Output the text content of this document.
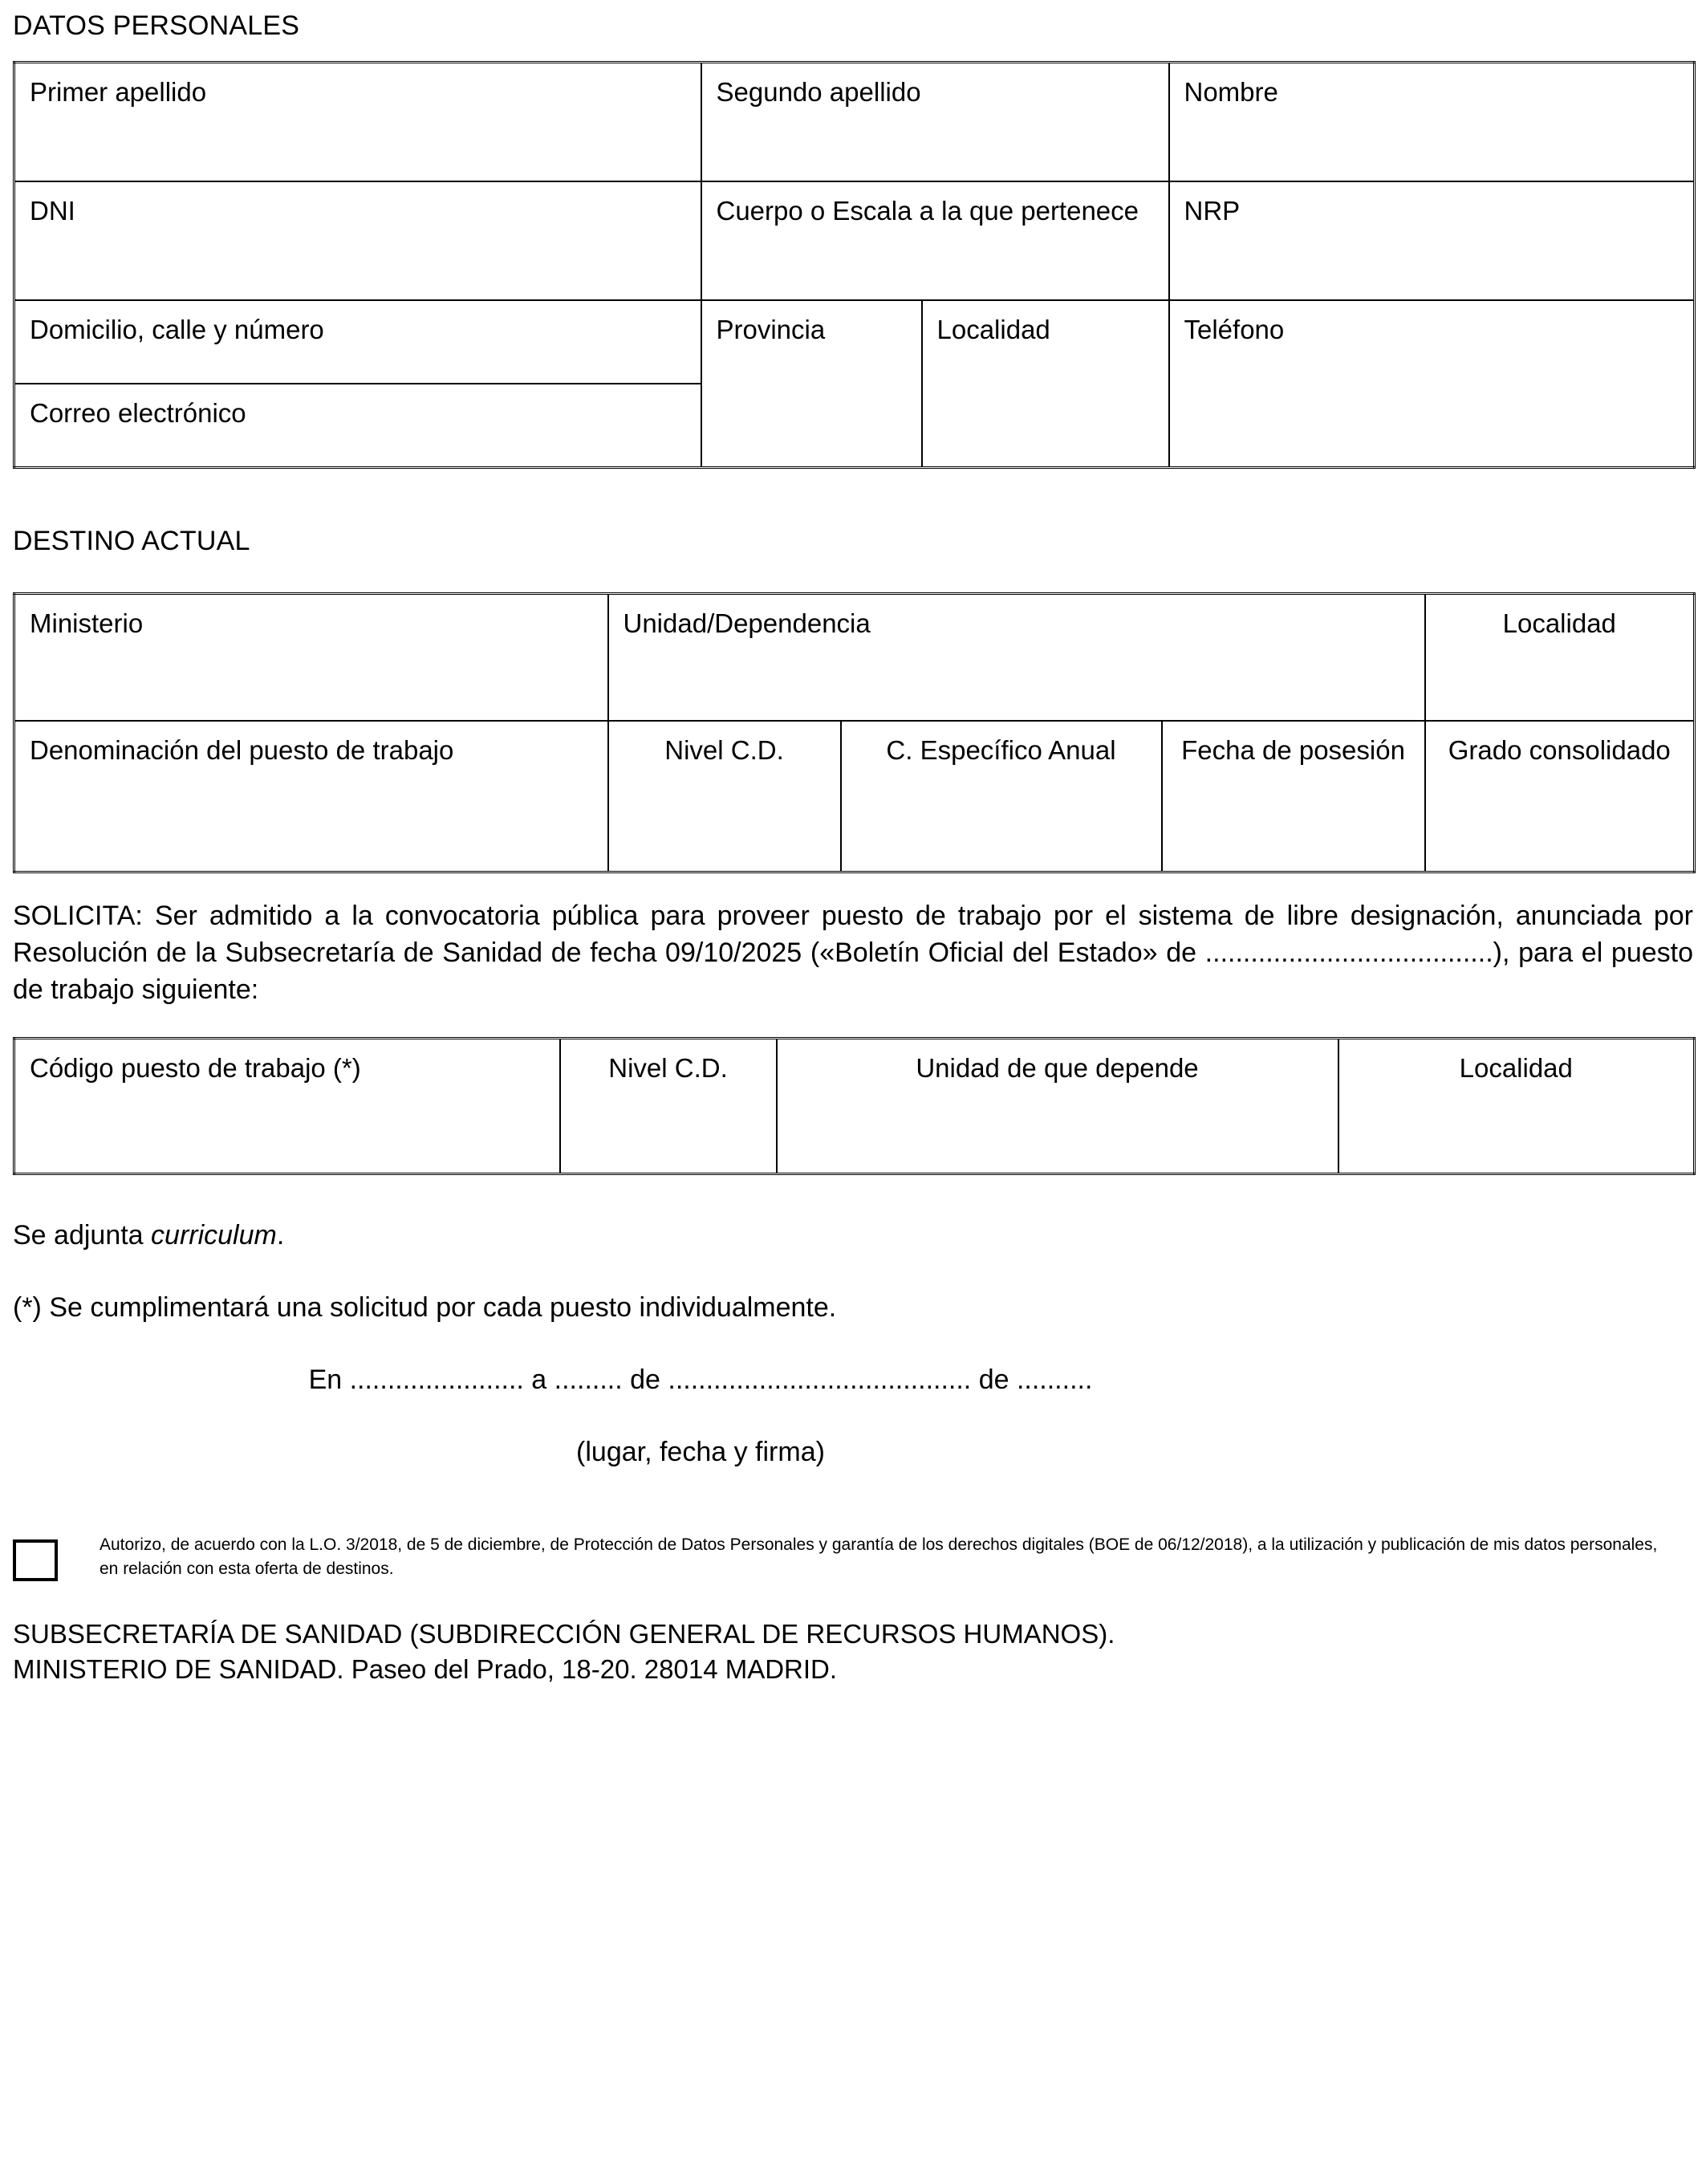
DATOS PERSONALES
Primer apellido	Segundo apellido		Nombre

DNI	Cuerpo o Escala a la que pertenece		NRP

Domicilio, calle y número	Provincia	Localidad	Teléfono

Correo electrónico			
DESTINO ACTUAL
Ministerio	Unidad/Dependencia			Localidad

Denominación del puesto de trabajo	Nivel C.D.	C. Específico Anual	Fecha de posesión	Grado consolidado

SOLICITA: Ser admitido a la convocatoria pública para proveer puesto de trabajo por el sistema de libre designación, anunciada por Resolución de la Subsecretaría de Sanidad de fecha 09/10/2025 («Boletín Oficial del Estado» de ......................................), para el puesto de trabajo siguiente:

Código puesto de trabajo (*)	Nivel C.D.	Unidad de que depende	Localidad

Se adjunta curriculum.

(*) Se cumplimentará una solicitud por cada puesto individualmente.

En ....................... a ......... de ........................................ de ..........

(lugar, fecha y firma)

Autorizo, de acuerdo con la L.O. 3/2018, de 5 de diciembre, de Protección de Datos Personales y garantía de los derechos digitales (BOE de 06/12/2018), a la utilización y publicación de mis datos personales, en relación con esta oferta de destinos.
SUBSECRETARÍA DE SANIDAD (SUBDIRECCIÓN GENERAL DE RECURSOS HUMANOS).
MINISTERIO DE SANIDAD. Paseo del Prado, 18-20. 28014 MADRID.
